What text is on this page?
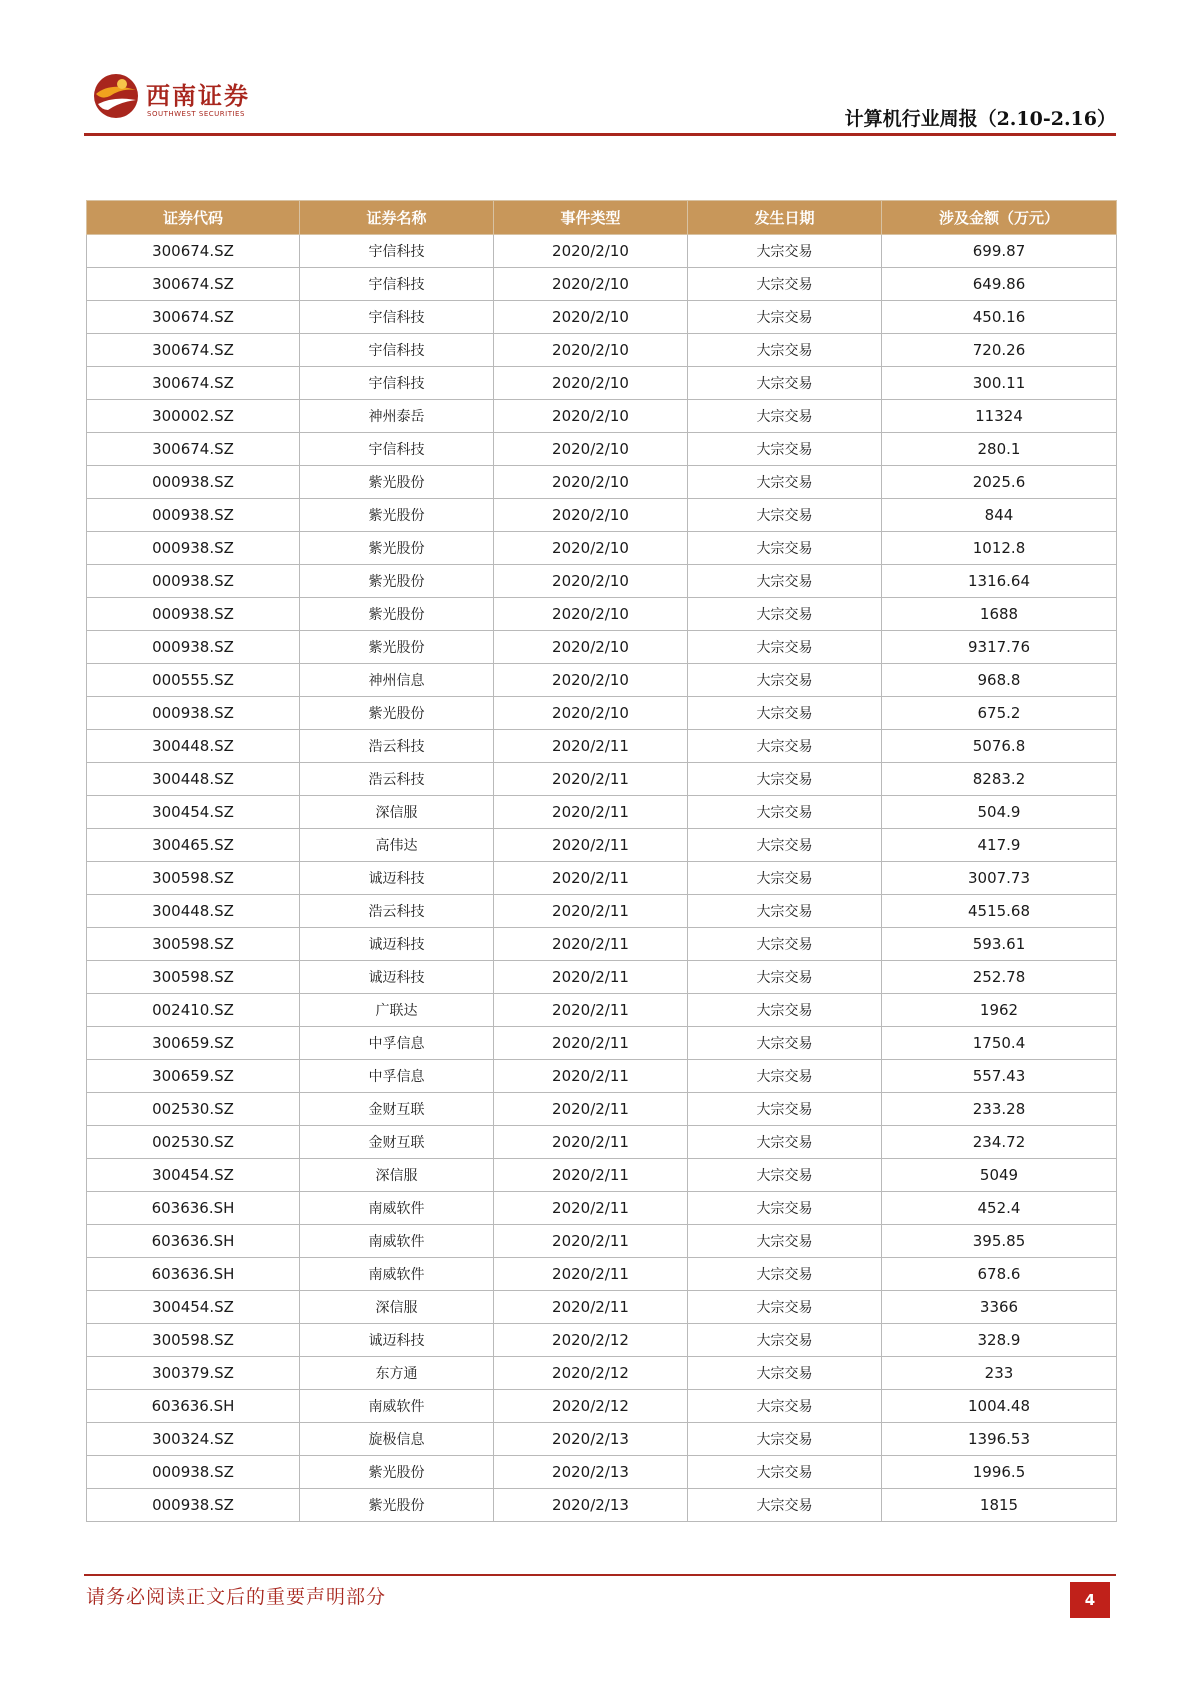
西南证券
SOUTHWEST SECURITIES	计算机行业周报（2.10-2.16）
证券代码	证券名称	事件类型	发生日期	涉及金额（万元）
300674.SZ	宇信科技	2020/2/10	大宗交易	699.87
300674.SZ	宇信科技	2020/2/10	大宗交易	649.86
300674.SZ	宇信科技	2020/2/10	大宗交易	450.16
300674.SZ	宇信科技	2020/2/10	大宗交易	720.26
300674.SZ	宇信科技	2020/2/10	大宗交易	300.11
300002.SZ	神州泰岳	2020/2/10	大宗交易	11324
300674.SZ	宇信科技	2020/2/10	大宗交易	280.1
000938.SZ	紫光股份	2020/2/10	大宗交易	2025.6
000938.SZ	紫光股份	2020/2/10	大宗交易	844
000938.SZ	紫光股份	2020/2/10	大宗交易	1012.8
000938.SZ	紫光股份	2020/2/10	大宗交易	1316.64
000938.SZ	紫光股份	2020/2/10	大宗交易	1688
000938.SZ	紫光股份	2020/2/10	大宗交易	9317.76
000555.SZ	神州信息	2020/2/10	大宗交易	968.8
000938.SZ	紫光股份	2020/2/10	大宗交易	675.2
300448.SZ	浩云科技	2020/2/11	大宗交易	5076.8
300448.SZ	浩云科技	2020/2/11	大宗交易	8283.2
300454.SZ	深信服	2020/2/11	大宗交易	504.9
300465.SZ	高伟达	2020/2/11	大宗交易	417.9
300598.SZ	诚迈科技	2020/2/11	大宗交易	3007.73
300448.SZ	浩云科技	2020/2/11	大宗交易	4515.68
300598.SZ	诚迈科技	2020/2/11	大宗交易	593.61
300598.SZ	诚迈科技	2020/2/11	大宗交易	252.78
002410.SZ	广联达	2020/2/11	大宗交易	1962
300659.SZ	中孚信息	2020/2/11	大宗交易	1750.4
300659.SZ	中孚信息	2020/2/11	大宗交易	557.43
002530.SZ	金财互联	2020/2/11	大宗交易	233.28
002530.SZ	金财互联	2020/2/11	大宗交易	234.72
300454.SZ	深信服	2020/2/11	大宗交易	5049
603636.SH	南威软件	2020/2/11	大宗交易	452.4
603636.SH	南威软件	2020/2/11	大宗交易	395.85
603636.SH	南威软件	2020/2/11	大宗交易	678.6
300454.SZ	深信服	2020/2/11	大宗交易	3366
300598.SZ	诚迈科技	2020/2/12	大宗交易	328.9
300379.SZ	东方通	2020/2/12	大宗交易	233
603636.SH	南威软件	2020/2/12	大宗交易	1004.48
300324.SZ	旋极信息	2020/2/13	大宗交易	1396.53
000938.SZ	紫光股份	2020/2/13	大宗交易	1996.5
000938.SZ	紫光股份	2020/2/13	大宗交易	1815
请务必阅读正文后的重要声明部分	4
